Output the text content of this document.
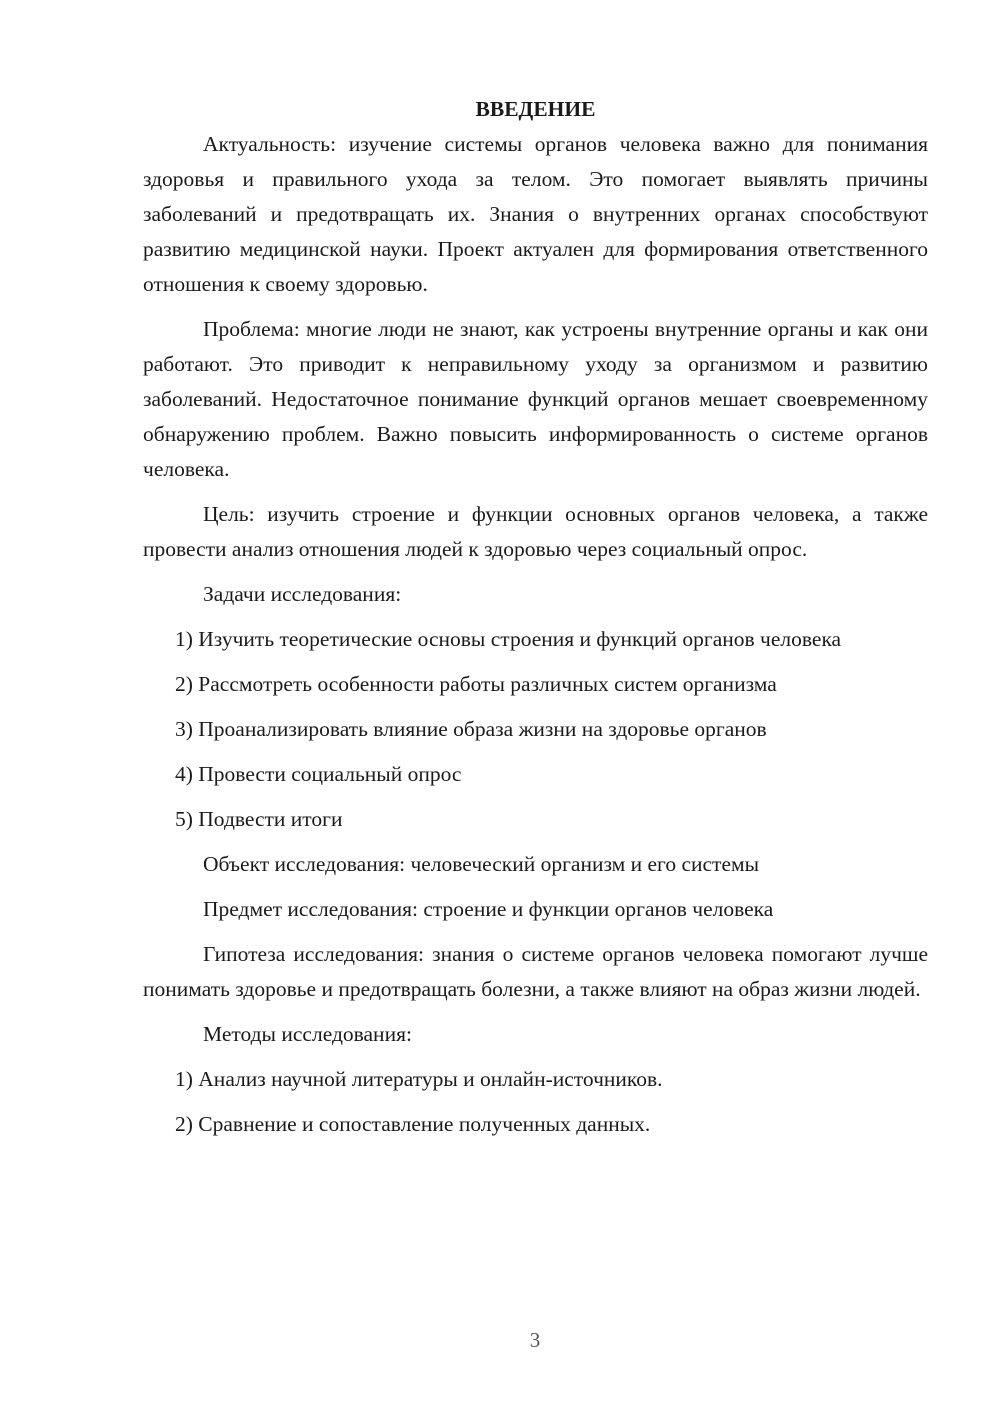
ВВЕДЕНИЕ

Актуальность: изучение системы органов человека важно для понимания здоровья и правильного ухода за телом. Это помогает выявлять причины заболеваний и предотвращать их. Знания о внутренних органах способствуют развитию медицинской науки. Проект актуален для формирования ответственного отношения к своему здоровью.

Проблема: многие люди не знают, как устроены внутренние органы и как они работают. Это приводит к неправильному уходу за организмом и развитию заболеваний. Недостаточное понимание функций органов мешает своевременному обнаружению проблем. Важно повысить информированность о системе органов человека.

Цель: изучить строение и функции основных органов человека, а также провести анализ отношения людей к здоровью через социальный опрос.

Задачи исследования:

1) Изучить теоретические основы строения и функций органов человека

2) Рассмотреть особенности работы различных систем организма

3) Проанализировать влияние образа жизни на здоровье органов

4) Провести социальный опрос

5) Подвести итоги

Объект исследования: человеческий организм и его системы

Предмет исследования: строение и функции органов человека

Гипотеза исследования: знания о системе органов человека помогают лучше понимать здоровье и предотвращать болезни, а также влияют на образ жизни людей.

Методы исследования:

1) Анализ научной литературы и онлайн-источников.

2) Сравнение и сопоставление полученных данных.

3
